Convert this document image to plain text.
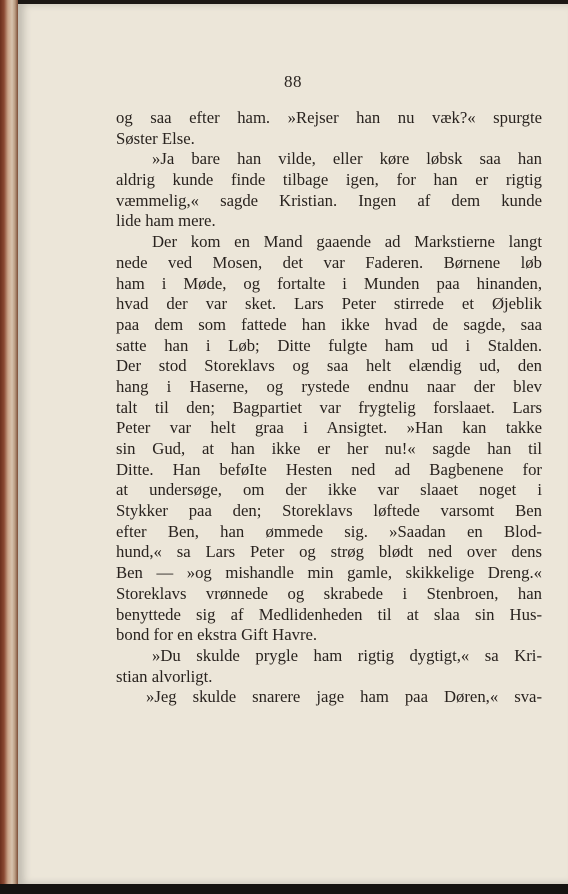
88
og saa efter ham. »Rejser han nu væk?« spurgte
Søster Else.
»Ja bare han vilde, eller køre løbsk saa han
aldrig kunde finde tilbage igen, for han er rigtig
væmmelig,« sagde Kristian. Ingen af dem kunde
lide ham mere.
Der kom en Mand gaaende ad Markstierne langt
nede ved Mosen, det var Faderen. Børnene løb
ham i Møde, og fortalte i Munden paa hinanden,
hvad der var sket. Lars Peter stirrede et Øjeblik
paa dem som fattede han ikke hvad de sagde, saa
satte han i Løb; Ditte fulgte ham ud i Stalden.
Der stod Storeklavs og saa helt elændig ud, den
hang i Haserne, og rystede endnu naar der blev
talt til den; Bagpartiet var frygtelig forslaaet. Lars
Peter var helt graa i Ansigtet. »Han kan takke
sin Gud, at han ikke er her nu!« sagde han til
Ditte. Han beføIte Hesten ned ad Bagbenene for
at undersøge, om der ikke var slaaet noget i
Stykker paa den; Storeklavs løftede varsomt Ben
efter Ben, han ømmede sig. »Saadan en Blod-
hund,« sa Lars Peter og strøg blødt ned over dens
Ben — »og mishandle min gamle, skikkelige Dreng.«
Storeklavs vrønnede og skrabede i Stenbroen, han
benyttede sig af Medlidenheden til at slaa sin Hus-
bond for en ekstra Gift Havre.
»Du skulde prygle ham rigtig dygtigt,« sa Kri-
stian alvorligt.
»Jeg skulde snarere jage ham paa Døren,« sva-
